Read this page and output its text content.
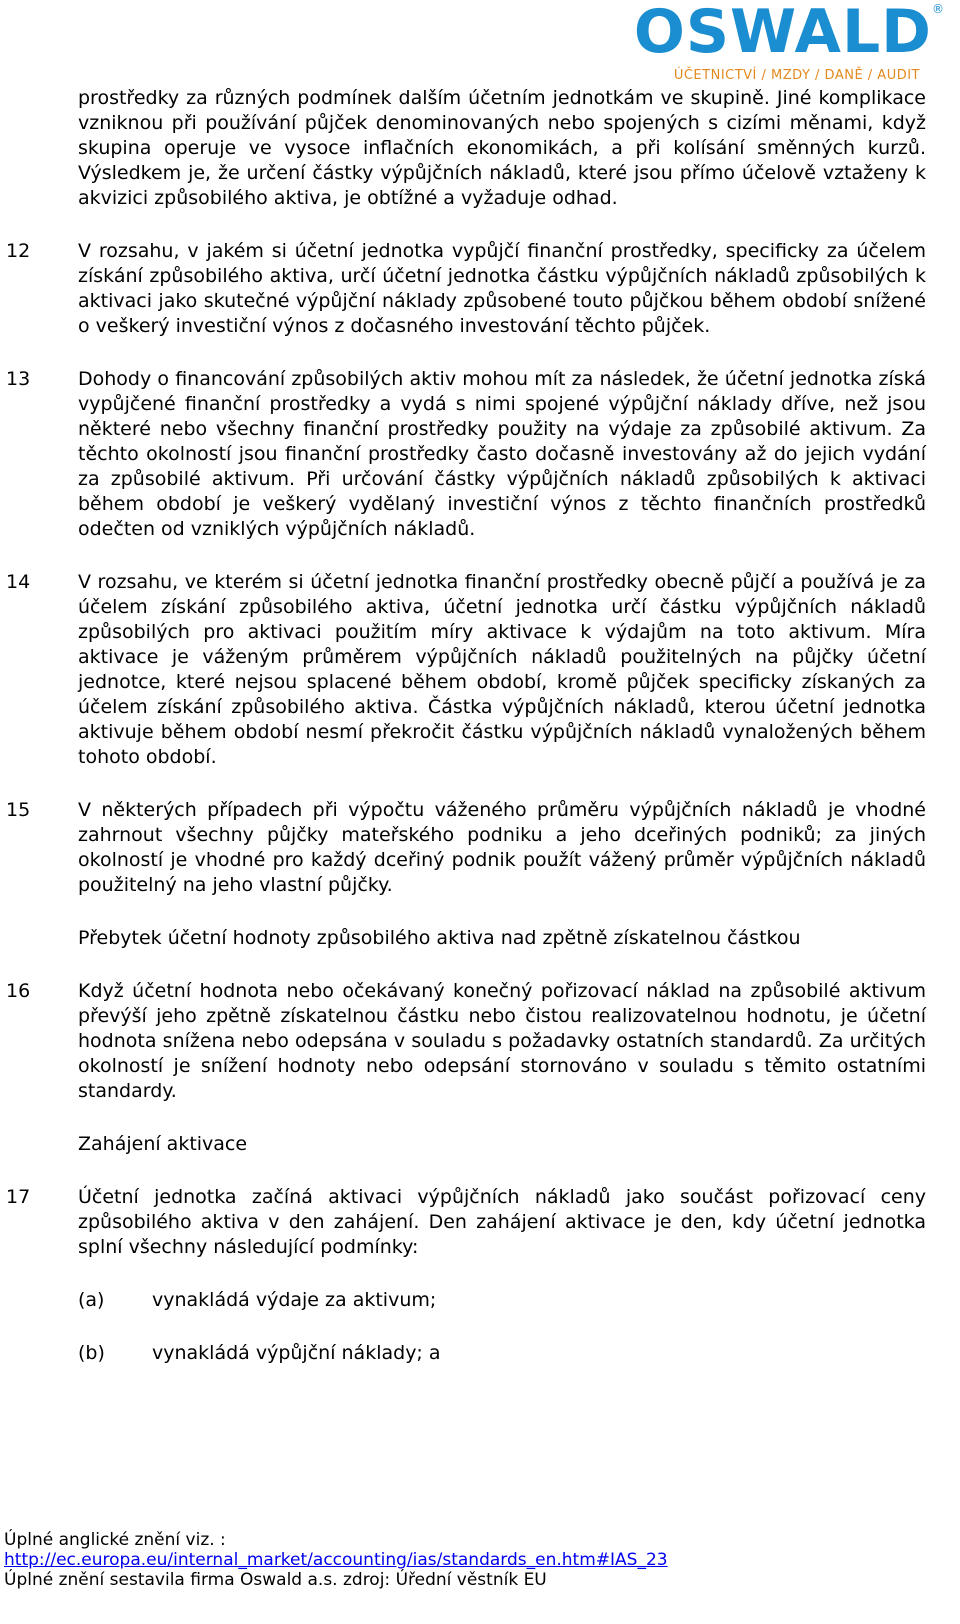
OSWALD ®
ÚČETNICTVÍ / MZDY / DANĚ / AUDIT
prostředky za různých podmínek dalším účetním jednotkám ve skupině. Jiné komplikace vzniknou při používání půjček denominovaných nebo spojených s cizími měnami, když skupina operuje ve vysoce inflačních ekonomikách, a při kolísání směnných kurzů. Výsledkem je, že určení částky výpůjčních nákladů, které jsou přímo účelově vztaženy k akvizici způsobilého aktiva, je obtížné a vyžaduje odhad.
12	V rozsahu, v jakém si účetní jednotka vypůjčí finanční prostředky, specificky za účelem získání způsobilého aktiva, určí účetní jednotka částku výpůjčních nákladů způsobilých k aktivaci jako skutečné výpůjční náklady způsobené touto půjčkou během období snížené o veškerý investiční výnos z dočasného investování těchto půjček.
13	Dohody o financování způsobilých aktiv mohou mít za následek, že účetní jednotka získá vypůjčené finanční prostředky a vydá s nimi spojené výpůjční náklady dříve, než jsou některé nebo všechny finanční prostředky použity na výdaje za způsobilé aktivum. Za těchto okolností jsou finanční prostředky často dočasně investovány až do jejich vydání za způsobilé aktivum. Při určování částky výpůjčních nákladů způsobilých k aktivaci během období je veškerý vydělaný investiční výnos z těchto finančních prostředků odečten od vzniklých výpůjčních nákladů.
14	V rozsahu, ve kterém si účetní jednotka finanční prostředky obecně půjčí a používá je za účelem získání způsobilého aktiva, účetní jednotka určí částku výpůjčních nákladů způsobilých pro aktivaci použitím míry aktivace k výdajům na toto aktivum. Míra aktivace je váženým průměrem výpůjčních nákladů použitelných na půjčky účetní jednotce, které nejsou splacené během období, kromě půjček specificky získaných za účelem získání způsobilého aktiva. Částka výpůjčních nákladů, kterou účetní jednotka aktivuje během období nesmí překročit částku výpůjčních nákladů vynaložených během tohoto období.
15	V některých případech při výpočtu váženého průměru výpůjčních nákladů je vhodné zahrnout všechny půjčky mateřského podniku a jeho dceřiných podniků; za jiných okolností je vhodné pro každý dceřiný podnik použít vážený průměr výpůjčních nákladů použitelný na jeho vlastní půjčky.
Přebytek účetní hodnoty způsobilého aktiva nad zpětně získatelnou částkou
16	Když účetní hodnota nebo očekávaný konečný pořizovací náklad na způsobilé aktivum převýší jeho zpětně získatelnou částku nebo čistou realizovatelnou hodnotu, je účetní hodnota snížena nebo odepsána v souladu s požadavky ostatních standardů. Za určitých okolností je snížení hodnoty nebo odepsání stornováno v souladu s těmito ostatními standardy.
Zahájení aktivace
17	Účetní jednotka začíná aktivaci výpůjčních nákladů jako součást pořizovací ceny způsobilého aktiva v den zahájení. Den zahájení aktivace je den, kdy účetní jednotka splní všechny následující podmínky:
(a)	vynakládá výdaje za aktivum;
(b) vynakládá výpůjční náklady; a
Úplné anglické znění viz. :
http://ec.europa.eu/internal_market/accounting/ias/standards_en.htm#IAS_23
Úplné znění sestavila firma Oswald a.s. zdroj: Úřední věstník EU
